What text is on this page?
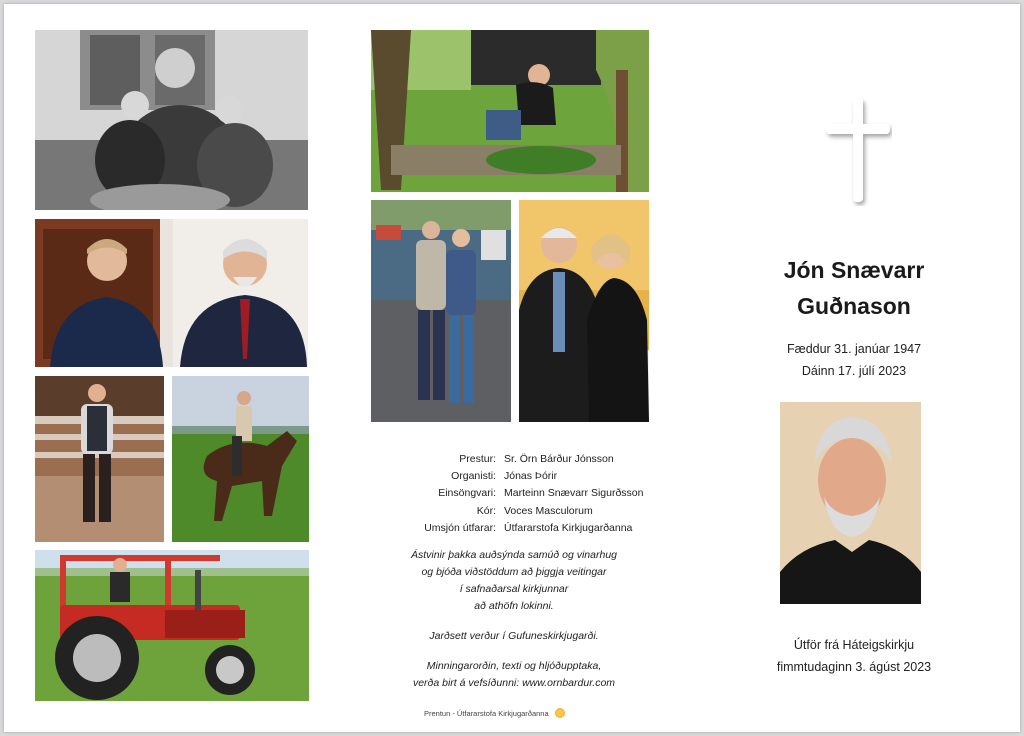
Prestur: Sr. Örn Bárður Jónsson
Organisti: Jónas Þórir
Einsöngvari: Marteinn Snævarr Sigurðsson
Kór: Voces Masculorum
Umsjón útfarar: Útfararstofa Kirkjugarðanna
Ástvinir þakka auðsýnda samúð og vinarhug
og bjóða viðstöddum að þiggja veitingar
í safnaðarsal kirkjunnar
að athöfn lokinni.
Jarðsett verður í Gufuneskirkjugarði.
Minningarorðin, texti og hljóðupptaka,
verða birt á vefsíðunni: www.ornbardur.com
Prentun - Útfararstofa Kirkjugarðanna
Jón Snævarr
Guðnason
Fæddur 31. janúar 1947
Dáinn 17. júlí 2023
Útför frá Háteigskirkju
fimmtudaginn 3. ágúst 2023
